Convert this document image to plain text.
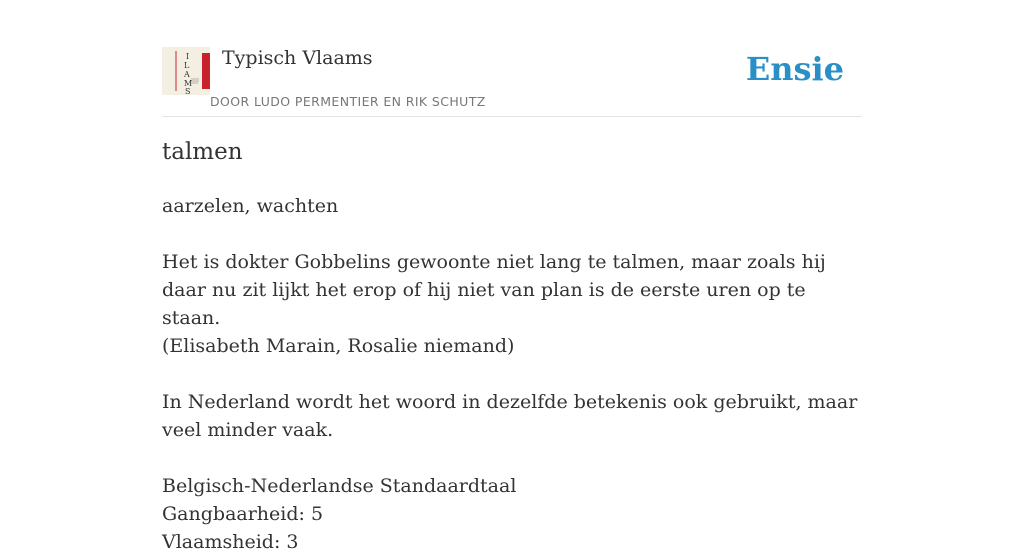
I
L
A
M
S
Typisch Vlaams
DOOR LUDO PERMENTIER EN RIK SCHUTZ
Ensie
talmen

aarzelen, wachten

Het is dokter Gobbelins gewoonte niet lang te talmen, maar zoals hij daar nu zit lijkt het erop of hij niet van plan is de eerste uren op te staan.

(Elisabeth Marain, Rosalie niemand)

In Nederland wordt het woord in dezelfde betekenis ook gebruikt, maar veel minder vaak.

Belgisch-Nederlandse Standaardtaal

Gangbaarheid: 5

Vlaamsheid: 3
